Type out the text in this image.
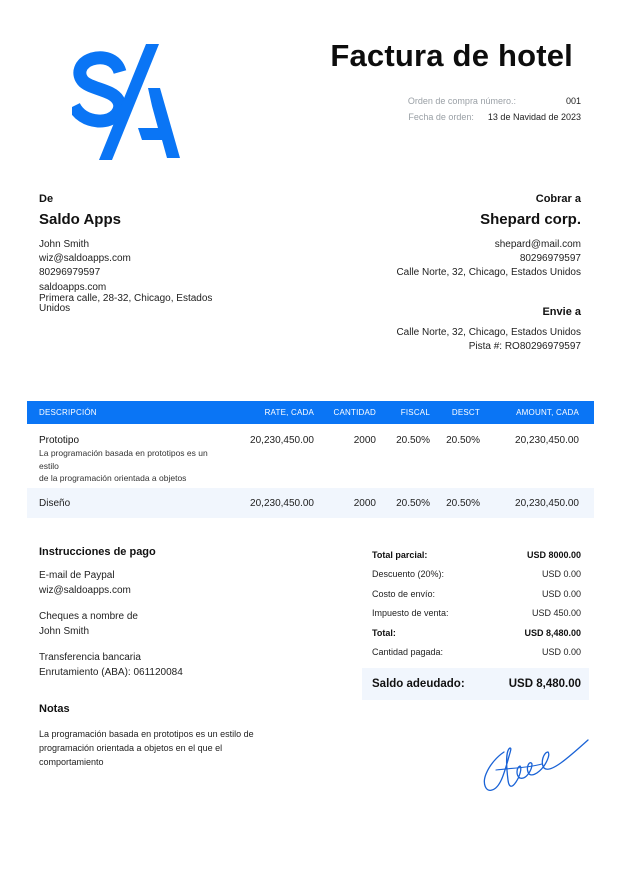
Factura de hotel
Orden de compra número.:	001
Fecha de orden: 13 de Navidad de 2023
De
Saldo Apps
John Smith
wiz@saldoapps.com
80296979597
saldoapps.com
Primera calle, 28-32, Chicago, Estados Unidos
Cobrar a
Shepard corp.
shepard@mail.com
80296979597
Calle Norte, 32, Chicago, Estados Unidos
Envie a
Calle Norte, 32, Chicago, Estados Unidos
Pista #: RO80296979597
DESCRIPCIÓN	RATE, CADA	CANTIDAD	FISCAL	DESCT	AMOUNT, CADA
Prototipo
La programación basada en prototipos es un
estilo
de la programación orientada a objetos
20,230,450.00	2000	20.50%	20.50%	20,230,450.00
Diseño	20,230,450.00	2000	20.50%	20.50%	20,230,450.00
Instrucciones de pago
E-mail de Paypal
wiz@saldoapps.com
Cheques a nombre de
John Smith
Transferencia bancaria
Enrutamiento (ABA): 061120084
Total parcial:	USD 8000.00
Descuento (20%):	USD 0.00
Costo de envío:	USD 0.00
Impuesto de venta:	USD 450.00
Total:	USD 8,480.00
Cantidad pagada:	USD 0.00
Saldo adeudado:	USD 8,480.00
Notas
La programación basada en prototipos es un estilo de programación orientada a objetos en el que el comportamiento
